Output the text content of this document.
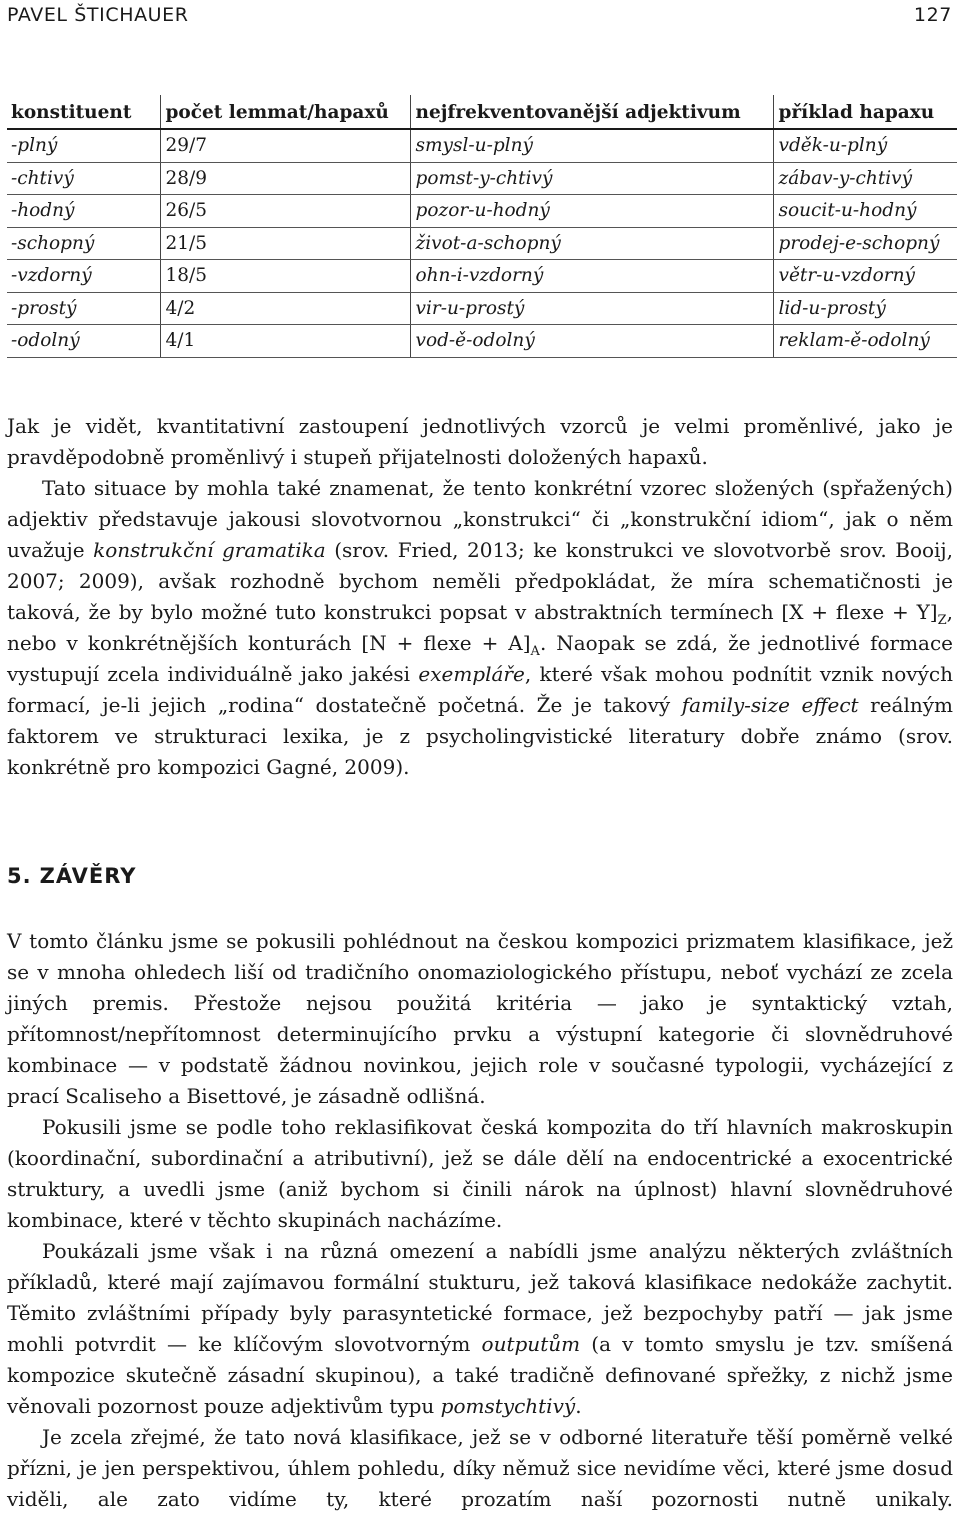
PAVEL ŠTICHAUER	127
konstituent	počet lemmat/hapaxů	nejfrekventovanější adjektivum	příklad hapaxu
-plný	29/7	smysl-u-plný	vděk-u-plný
-chtivý	28/9	pomst-y-chtivý	zábav-y-chtivý
-hodný	26/5	pozor-u-hodný	soucit-u-hodný
-schopný	21/5	život-a-schopný	prodej-e-schopný
-vzdorný	18/5	ohn-i-vzdorný	větr-u-vzdorný
-prostý	4/2	vir-u-prostý	lid-u-prostý
-odolný	4/1	vod-ě-odolný	reklam-ě-odolný

Jak je vidět, kvantitativní zastoupení jednotlivých vzorců je velmi proměnlivé, jako je pravděpodobně proměnlivý i stupeň přijatelnosti doložených hapaxů.

Tato situace by mohla také znamenat, že tento konkrétní vzorec složených (spřažených) adjektiv představuje jakousi slovotvornou „konstrukci“ či „konstrukční idiom“, jak o něm uvažuje konstrukční gramatika (srov. Fried, 2013; ke konstrukci ve slovotvorbě srov. Booij, 2007; 2009), avšak rozhodně bychom neměli předpokládat, že míra schematičnosti je taková, že by bylo možné tuto konstrukci popsat v abstraktních termínech [X + flexe + $Y]_Z$, nebo v konkrétnějších konturách [N + flexe + $A]_A$. Naopak se zdá, že jednotlivé formace vystupují zcela individuálně jako jakési exempláře, které však mohou podnítit vznik nových formací, je-li jejich „rodina“ dostatečně početná. Že je takový family-size effect reálným faktorem ve strukturaci lexika, je z psycholingvistické literatury dobře známo (srov. konkrétně pro kompozici Gagné, 2009).

5. ZÁVĚRY

V tomto článku jsme se pokusili pohlédnout na českou kompozici prizmatem klasifikace, jež se v mnoha ohledech liší od tradičního onomaziologického přístupu, neboť vychází ze zcela jiných premis. Přestože nejsou použitá kritéria — jako je syntaktický vztah, přítomnost/nepřítomnost determinujícího prvku a výstupní kategorie či slovnědruhové kombinace — v podstatě žádnou novinkou, jejich role v současné typologii, vycházející z prací Scaliseho a Bisettové, je zásadně odlišná.

Pokusili jsme se podle toho reklasifikovat česká kompozita do tří hlavních makroskupin (koordinační, subordinační a atributivní), jež se dále dělí na endocentrické a exocentrické struktury, a uvedli jsme (aniž bychom si činili nárok na úplnost) hlavní slovnědruhové kombinace, které v těchto skupinách nacházíme.

Poukázali jsme však i na různá omezení a nabídli jsme analýzu některých zvláštních příkladů, které mají zajímavou formální stukturu, jež taková klasifikace nedokáže zachytit. Těmito zvláštními případy byly parasyntetické formace, jež bezpochyby patří — jak jsme mohli potvrdit — ke klíčovým slovotvorným outputům (a v tomto smyslu je tzv. smíšená kompozice skutečně zásadní skupinou), a také tradičně definované spřežky, z nichž jsme věnovali pozornost pouze adjektivům typu pomstychtivý.

Je zcela zřejmé, že tato nová klasifikace, jež se v odborné literatuře těší poměrně velké přízni, je jen perspektivou, úhlem pohledu, díky němuž sice nevidíme věci, které jsme dosud viděli, ale zato vidíme ty, které prozatím naší pozornosti nutně unikaly.
